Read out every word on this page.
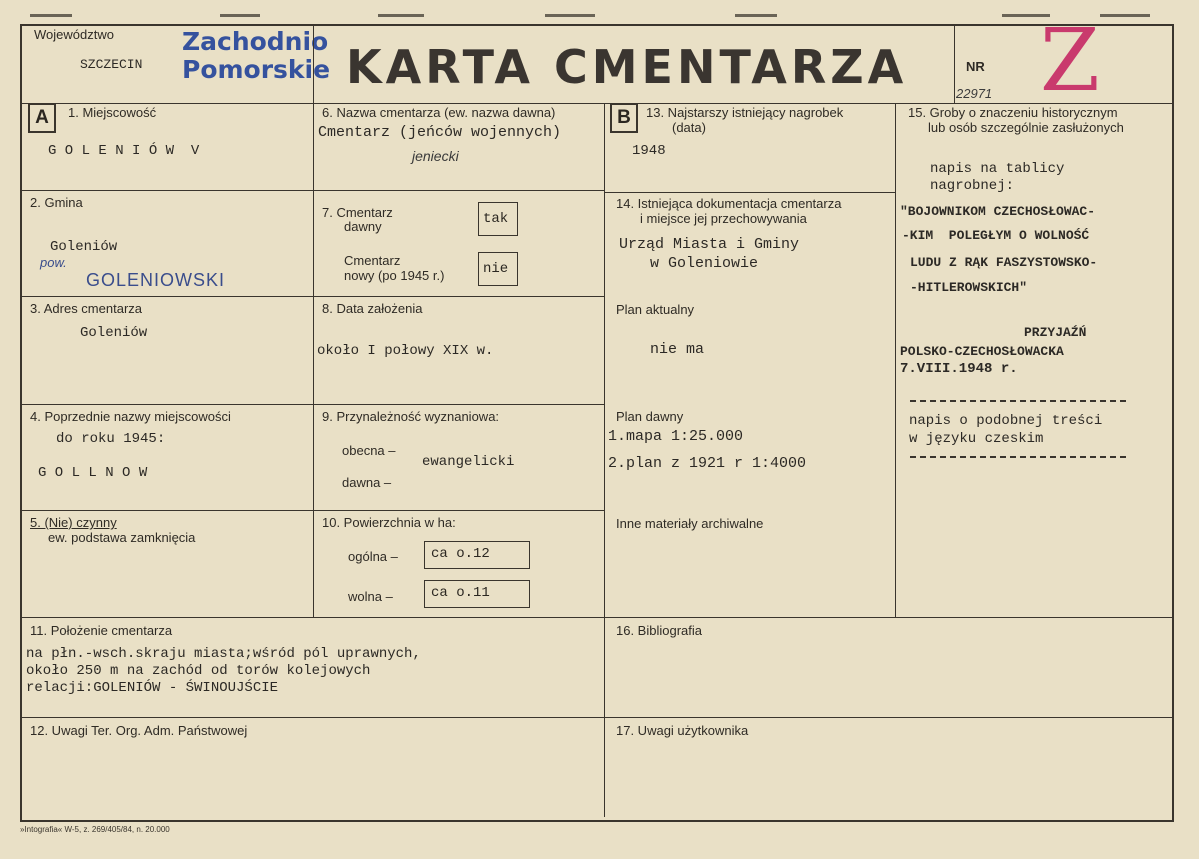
Województwo
SZCZECIN
Zachodnio
Pomorskie KARTA CMENTARZA	NR
22971 Z
A	B
1. Miejscowość
G O L E N I Ó W  V
2. Gmina
Goleniów
pow.
GOLENIOWSKI
3. Adres cmentarza
Goleniów
4. Poprzednie nazwy miejscowości
do roku 1945:
G O L L N O W
5. (Nie) czynny
ew. podstawa zamknięcia
6. Nazwa cmentarza (ew. nazwa dawna)
Cmentarz (jeńców wojennych)
jeniecki
7. Cmentarz
dawny	tak
Cmentarz
nowy (po 1945 r.)	nie
8. Data założenia
około I połowy XIX w.
9. Przynależność wyznaniowa:
obecna –
ewangelicki
dawna –
10. Powierzchnia w ha:
ogólna –	ca o.12
wolna –	ca o.11
13. Najstarszy istniejący nagrobek
(data)
1948
14. Istniejąca dokumentacja cmentarza
i miejsce jej przechowywania
Urząd Miasta i Gminy
w Goleniowie
Plan aktualny
nie ma
Plan dawny
1.mapa 1:25.000
2.plan z 1921 r 1:4000
Inne materiały archiwalne
15. Groby o znaczeniu historycznym
lub osób szczególnie zasłużonych
napis na tablicy
nagrobnej:
"BOJOWNIKOM CZECHOSŁOWAC-
-KIM  POLEGŁYM O WOLNOŚĆ
LUDU Z RĄK FASZYSTOWSKO-
-HITLEROWSKICH"
PRZYJAŹŃ
POLSKO-CZECHOSŁOWACKA
7.VIII.1948 r.
napis o podobnej treści
w języku czeskim
11. Położenie cmentarza
na płn.-wsch.skraju miasta;wśród pól uprawnych,
około 250 m na zachód od torów kolejowych
relacji:GOLENIÓW - ŚWINOUJŚCIE
12. Uwagi Ter. Org. Adm. Państwowej
16. Bibliografia
17. Uwagi użytkownika
»Intografia« W-5, z. 269/405/84, n. 20.000
